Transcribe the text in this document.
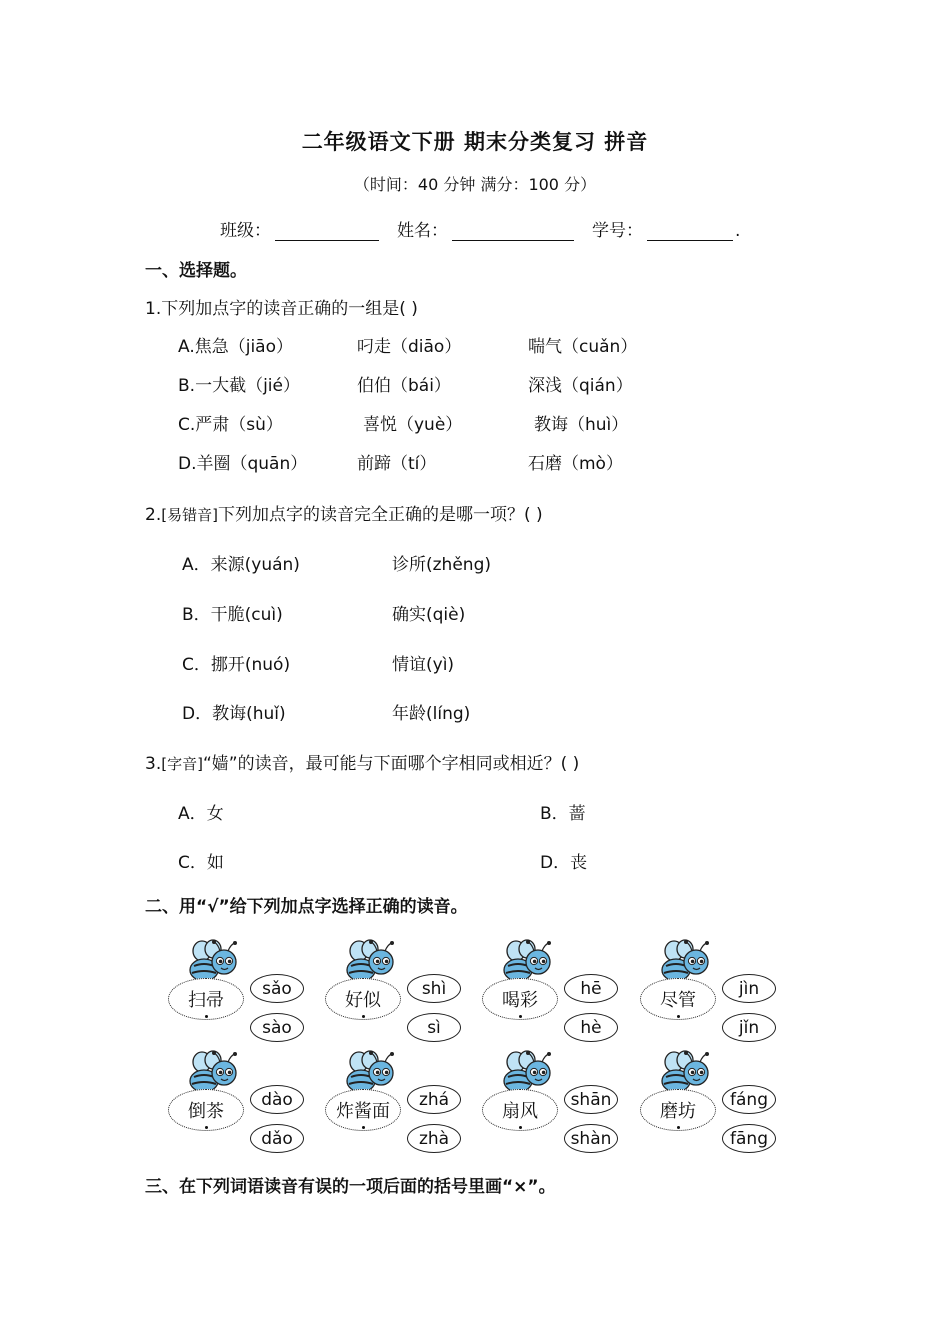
二年级语文下册 期末分类复习 拼音
（时间：40 分钟 满分：100 分）
班级：	姓名：	学号：	.
一、选择题。
1.下列加点字的读音正确的一组是( )
A.焦急（jiāo）	叼走（diāo）	喘气（cuǎn）
B.一大截（jié）	伯伯（bái）	深浅（qián）
C.严肃（sù）	喜悦（yuè）	教诲（huì）
D.羊圈（quān）	前蹄（tí）	石磨（mò）
2.[易错音]下列加点字的读音完全正确的是哪一项？( )
A．来源(yuán)	诊所(zhěng)
B．干脆(cuì)	确实(qiè)
C．挪开(nuó)	情谊(yì)
D．教诲(huǐ)	年龄(líng)
3.[字音]“嫱”的读音，最可能与下面哪个字相同或相近？( )
A．女	B．蔷
C．如	D．丧
二、用“√”给下列加点字选择正确的读音。
扫帚
sǎo
sào
好似
shì
sì
喝彩
hē
hè
尽管
jìn
jǐn
倒茶
dào
dǎo
炸酱面
zhá
zhà
扇风
shān
shàn
磨坊
fáng
fāng
三、在下列词语读音有误的一项后面的括号里画“×”。
